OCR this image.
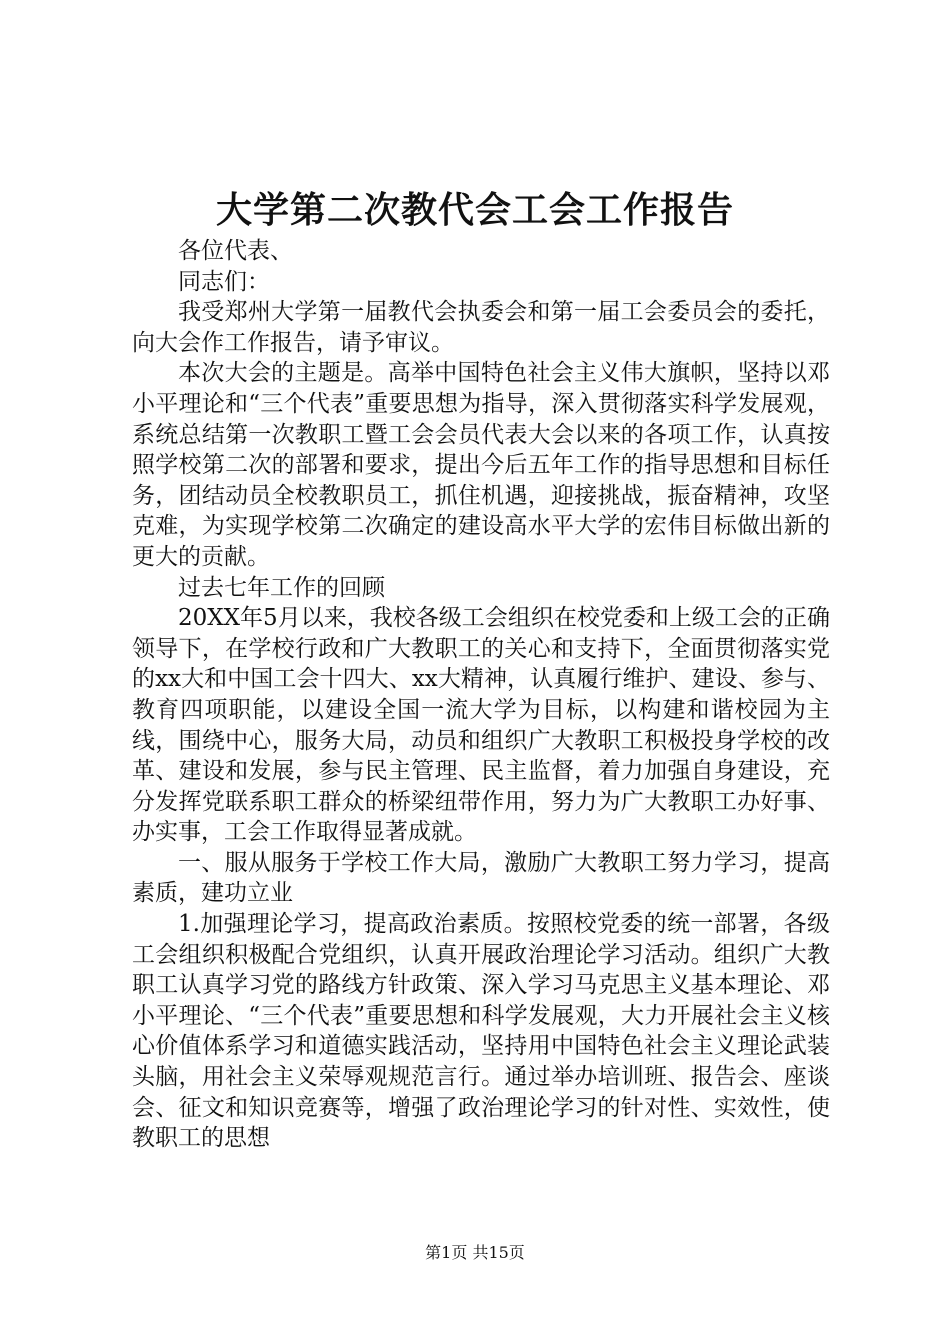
大学第二次教代会工会工作报告

各位代表、

同志们：

我受郑州大学第一届教代会执委会和第一届工会委员会的委托，向大会作工作报告，请予审议。

本次大会的主题是。高举中国特色社会主义伟大旗帜，坚持以邓小平理论和“三个代表”重要思想为指导，深入贯彻落实科学发展观，系统总结第一次教职工暨工会会员代表大会以来的各项工作，认真按照学校第二次的部署和要求，提出今后五年工作的指导思想和目标任务，团结动员全校教职员工，抓住机遇，迎接挑战，振奋精神，攻坚克难，为实现学校第二次确定的建设高水平大学的宏伟目标做出新的更大的贡献。

过去七年工作的回顾

20XX年5月以来，我校各级工会组织在校党委和上级工会的正确领导下，在学校行政和广大教职工的关心和支持下，全面贯彻落实党的xx大和中国工会十四大、xx大精神，认真履行维护、建设、参与、教育四项职能，以建设全国一流大学为目标，以构建和谐校园为主线，围绕中心，服务大局，动员和组织广大教职工积极投身学校的改革、建设和发展，参与民主管理、民主监督，着力加强自身建设，充分发挥党联系职工群众的桥梁纽带作用，努力为广大教职工办好事、办实事，工会工作取得显著成就。

一、服从服务于学校工作大局，激励广大教职工努力学习，提高素质，建功立业

1.加强理论学习，提高政治素质。按照校党委的统一部署，各级工会组织积极配合党组织，认真开展政治理论学习活动。组织广大教职工认真学习党的路线方针政策、深入学习马克思主义基本理论、邓小平理论、“三个代表”重要思想和科学发展观，大力开展社会主义核心价值体系学习和道德实践活动，坚持用中国特色社会主义理论武装头脑，用社会主义荣辱观规范言行。通过举办培训班、报告会、座谈会、征文和知识竞赛等，增强了政治理论学习的针对性、实效性，使教职工的思想

第1页 共15页
